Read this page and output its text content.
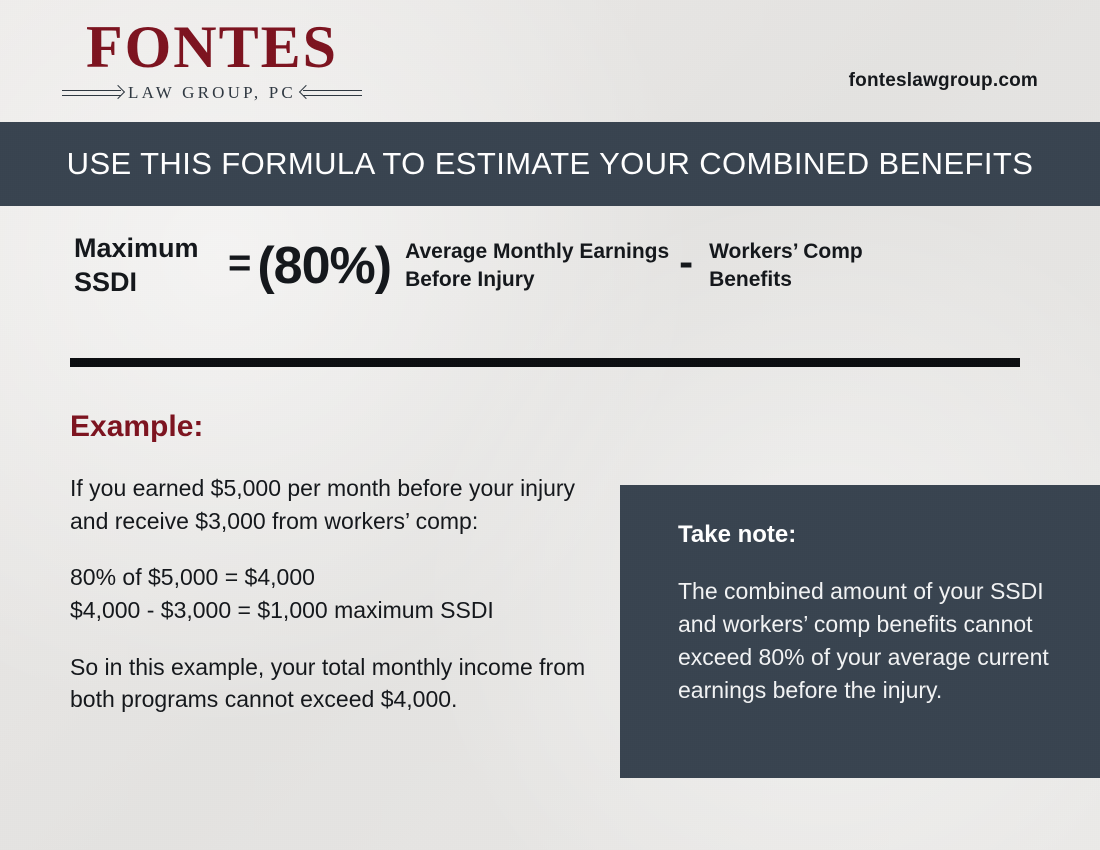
FONTES
LAW GROUP, PC
fonteslawgroup.com
USE THIS FORMULA TO ESTIMATE YOUR COMBINED BENEFITS
Maximum SSDI	= (80%) Average Monthly Earnings Before Injury	- Workers’ Comp Benefits
Example:
If you earned $5,000 per month before your injury and receive $3,000 from workers’ comp:
80% of $5,000 = $4,000
$4,000 - $3,000 = $1,000 maximum SSDI
So in this example, your total monthly income from both programs cannot exceed $4,000.
Take note:
The combined amount of your SSDI and workers’ comp benefits cannot exceed 80% of your average current earnings before the injury.
